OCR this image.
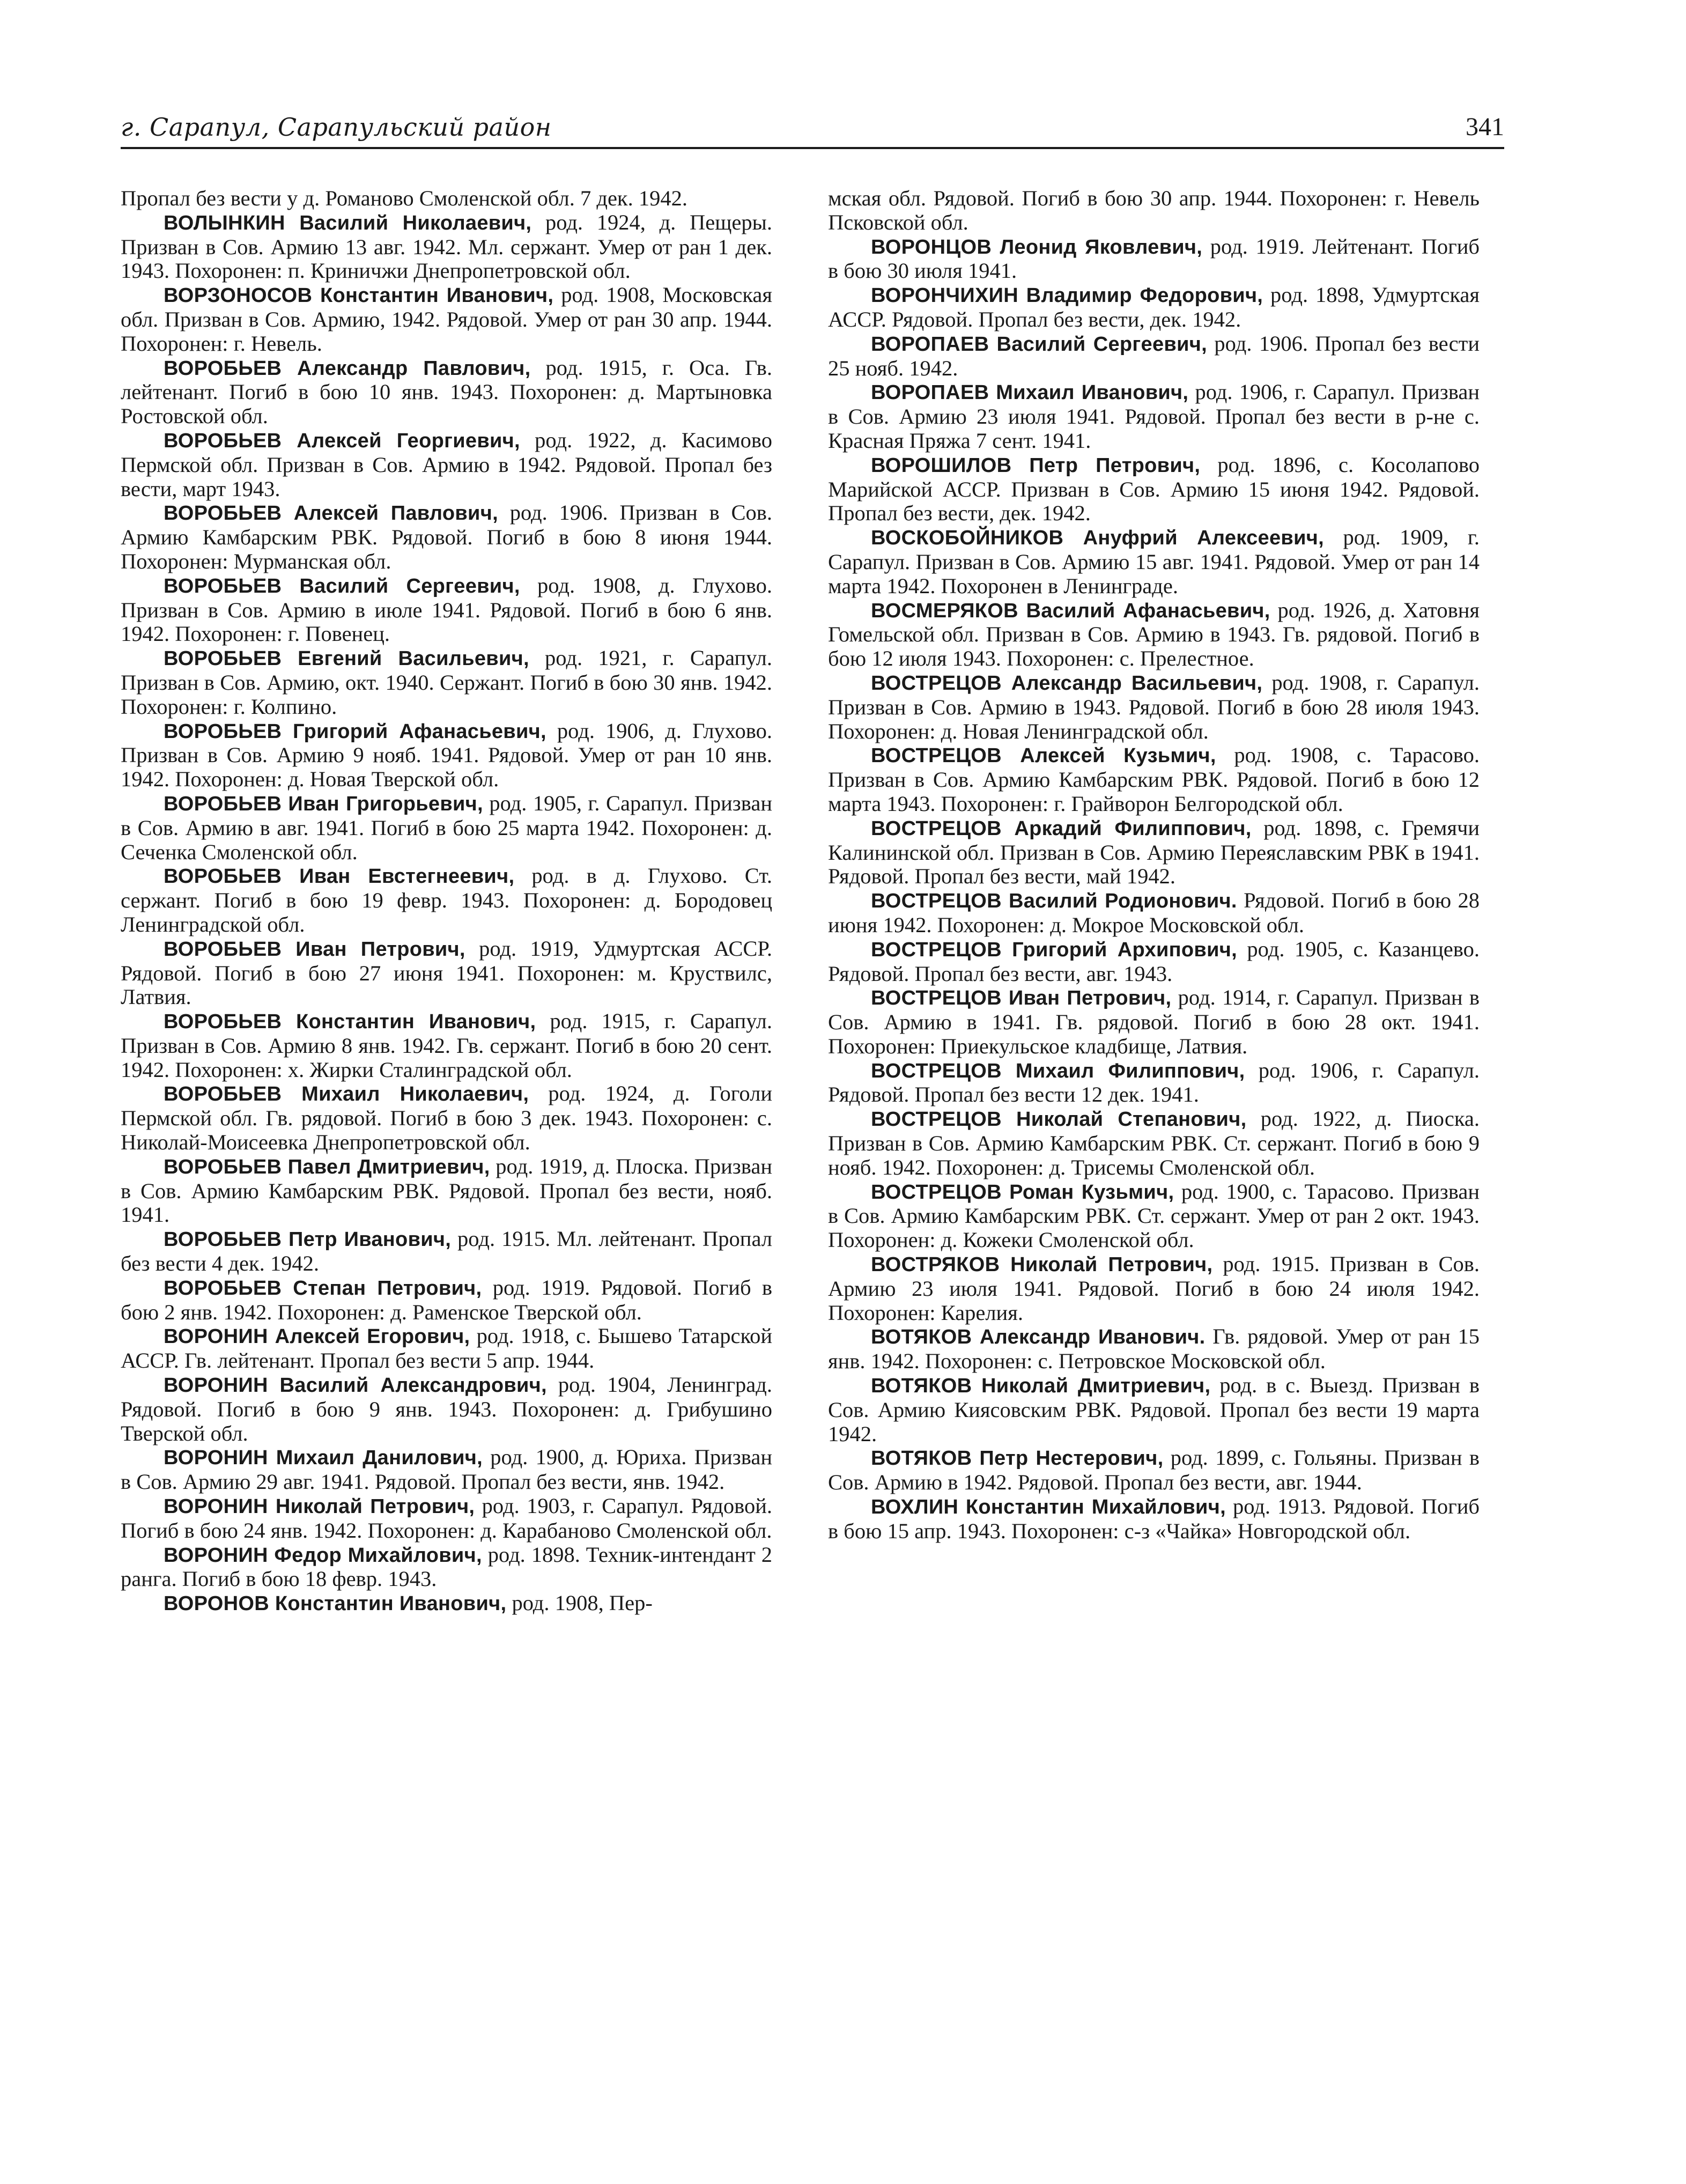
г. Сарапул, Сарапульский район	341

Пропал без вести у д. Романово Смоленской обл. 7 дек. 1942.

ВОЛЫНКИН Василий Николаевич, род. 1924, д. Пещеры. Призван в Сов. Армию 13 авг. 1942. Мл. сержант. Умер от ран 1 дек. 1943. Похоронен: п. Криничжи Днепропетровской обл.

ВОРЗОНОСОВ Константин Иванович, род. 1908, Московская обл. Призван в Сов. Армию, 1942. Рядовой. Умер от ран 30 апр. 1944. Похоронен: г. Невель.

ВОРОБЬЕВ Александр Павлович, род. 1915, г. Оса. Гв. лейтенант. Погиб в бою 10 янв. 1943. Похоронен: д. Мартыновка Ростовской обл.

ВОРОБЬЕВ Алексей Георгиевич, род. 1922, д. Касимово Пермской обл. Призван в Сов. Армию в 1942. Рядовой. Пропал без вести, март 1943.

ВОРОБЬЕВ Алексей Павлович, род. 1906. Призван в Сов. Армию Камбарским РВК. Рядовой. Погиб в бою 8 июня 1944. Похоронен: Мурманская обл.

ВОРОБЬЕВ Василий Сергеевич, род. 1908, д. Глухово. Призван в Сов. Армию в июле 1941. Рядовой. Погиб в бою 6 янв. 1942. Похоронен: г. Повенец.

ВОРОБЬЕВ Евгений Васильевич, род. 1921, г. Сарапул. Призван в Сов. Армию, окт. 1940. Сержант. Погиб в бою 30 янв. 1942. Похоронен: г. Колпино.

ВОРОБЬЕВ Григорий Афанасьевич, род. 1906, д. Глухово. Призван в Сов. Армию 9 нояб. 1941. Рядовой. Умер от ран 10 янв. 1942. Похоронен: д. Новая Тверской обл.

ВОРОБЬЕВ Иван Григорьевич, род. 1905, г. Сарапул. Призван в Сов. Армию в авг. 1941. Погиб в бою 25 марта 1942. Похоронен: д. Сеченка Смоленской обл.

ВОРОБЬЕВ Иван Евстегнеевич, род. в д. Глухово. Ст. сержант. Погиб в бою 19 февр. 1943. Похоронен: д. Бородовец Ленинградской обл.

ВОРОБЬЕВ Иван Петрович, род. 1919, Удмуртская АССР. Рядовой. Погиб в бою 27 июня 1941. Похоронен: м. Круствилс, Латвия.

ВОРОБЬЕВ Константин Иванович, род. 1915, г. Сарапул. Призван в Сов. Армию 8 янв. 1942. Гв. сержант. Погиб в бою 20 сент. 1942. Похоронен: х. Жирки Сталинградской обл.

ВОРОБЬЕВ Михаил Николаевич, род. 1924, д. Гоголи Пермской обл. Гв. рядовой. Погиб в бою 3 дек. 1943. Похоронен: с. Николай-Моисеевка Днепропетровской обл.

ВОРОБЬЕВ Павел Дмитриевич, род. 1919, д. Плоска. Призван в Сов. Армию Камбарским РВК. Рядовой. Пропал без вести, нояб. 1941.

ВОРОБЬЕВ Петр Иванович, род. 1915. Мл. лейтенант. Пропал без вести 4 дек. 1942.

ВОРОБЬЕВ Степан Петрович, род. 1919. Рядовой. Погиб в бою 2 янв. 1942. Похоронен: д. Раменское Тверской обл.

ВОРОНИН Алексей Егорович, род. 1918, с. Бышево Татарской АССР. Гв. лейтенант. Пропал без вести 5 апр. 1944.

ВОРОНИН Василий Александрович, род. 1904, Ленинград. Рядовой. Погиб в бою 9 янв. 1943. Похоронен: д. Грибушино Тверской обл.

ВОРОНИН Михаил Данилович, род. 1900, д. Юриха. Призван в Сов. Армию 29 авг. 1941. Рядовой. Пропал без вести, янв. 1942.

ВОРОНИН Николай Петрович, род. 1903, г. Сарапул. Рядовой. Погиб в бою 24 янв. 1942. Похоронен: д. Карабаново Смоленской обл.

ВОРОНИН Федор Михайлович, род. 1898. Техник-интендант 2 ранга. Погиб в бою 18 февр. 1943.

ВОРОНОВ Константин Иванович, род. 1908, Пер-

мская обл. Рядовой. Погиб в бою 30 апр. 1944. Похоронен: г. Невель Псковской обл.

ВОРОНЦОВ Леонид Яковлевич, род. 1919. Лейтенант. Погиб в бою 30 июля 1941.

ВОРОНЧИХИН Владимир Федорович, род. 1898, Удмуртская АССР. Рядовой. Пропал без вести, дек. 1942.

ВОРОПАЕВ Василий Сергеевич, род. 1906. Пропал без вести 25 нояб. 1942.

ВОРОПАЕВ Михаил Иванович, род. 1906, г. Сарапул. Призван в Сов. Армию 23 июля 1941. Рядовой. Пропал без вести в р-не с. Красная Пряжа 7 сент. 1941.

ВОРОШИЛОВ Петр Петрович, род. 1896, с. Косолапово Марийской АССР. Призван в Сов. Армию 15 июня 1942. Рядовой. Пропал без вести, дек. 1942.

ВОСКОБОЙНИКОВ Ануфрий Алексеевич, род. 1909, г. Сарапул. Призван в Сов. Армию 15 авг. 1941. Рядовой. Умер от ран 14 марта 1942. Похоронен в Ленинграде.

ВОСМЕРЯКОВ Василий Афанасьевич, род. 1926, д. Хатовня Гомельской обл. Призван в Сов. Армию в 1943. Гв. рядовой. Погиб в бою 12 июля 1943. Похоронен: с. Прелестное.

ВОСТРЕЦОВ Александр Васильевич, род. 1908, г. Сарапул. Призван в Сов. Армию в 1943. Рядовой. Погиб в бою 28 июля 1943. Похоронен: д. Новая Ленинградской обл.

ВОСТРЕЦОВ Алексей Кузьмич, род. 1908, с. Тарасово. Призван в Сов. Армию Камбарским РВК. Рядовой. Погиб в бою 12 марта 1943. Похоронен: г. Грайворон Белгородской обл.

ВОСТРЕЦОВ Аркадий Филиппович, род. 1898, с. Гремячи Калининской обл. Призван в Сов. Армию Переяславским РВК в 1941. Рядовой. Пропал без вести, май 1942.

ВОСТРЕЦОВ Василий Родионович. Рядовой. Погиб в бою 28 июня 1942. Похоронен: д. Мокрое Московской обл.

ВОСТРЕЦОВ Григорий Архипович, род. 1905, с. Казанцево. Рядовой. Пропал без вести, авг. 1943.

ВОСТРЕЦОВ Иван Петрович, род. 1914, г. Сарапул. Призван в Сов. Армию в 1941. Гв. рядовой. Погиб в бою 28 окт. 1941. Похоронен: Приекульское кладбище, Латвия.

ВОСТРЕЦОВ Михаил Филиппович, род. 1906, г. Сарапул. Рядовой. Пропал без вести 12 дек. 1941.

ВОСТРЕЦОВ Николай Степанович, род. 1922, д. Пиоска. Призван в Сов. Армию Камбарским РВК. Ст. сержант. Погиб в бою 9 нояб. 1942. Похоронен: д. Трисемы Смоленской обл.

ВОСТРЕЦОВ Роман Кузьмич, род. 1900, с. Тарасово. Призван в Сов. Армию Камбарским РВК. Ст. сержант. Умер от ран 2 окт. 1943. Похоронен: д. Кожеки Смоленской обл.

ВОСТРЯКОВ Николай Петрович, род. 1915. Призван в Сов. Армию 23 июля 1941. Рядовой. Погиб в бою 24 июля 1942. Похоронен: Карелия.

ВОТЯКОВ Александр Иванович. Гв. рядовой. Умер от ран 15 янв. 1942. Похоронен: с. Петровское Московской обл.

ВОТЯКОВ Николай Дмитриевич, род. в с. Выезд. Призван в Сов. Армию Киясовским РВК. Рядовой. Пропал без вести 19 марта 1942.

ВОТЯКОВ Петр Нестерович, род. 1899, с. Гольяны. Призван в Сов. Армию в 1942. Рядовой. Пропал без вести, авг. 1944.

ВОХЛИН Константин Михайлович, род. 1913. Рядовой. Погиб в бою 15 апр. 1943. Похоронен: с-з «Чайка» Новгородской обл.
